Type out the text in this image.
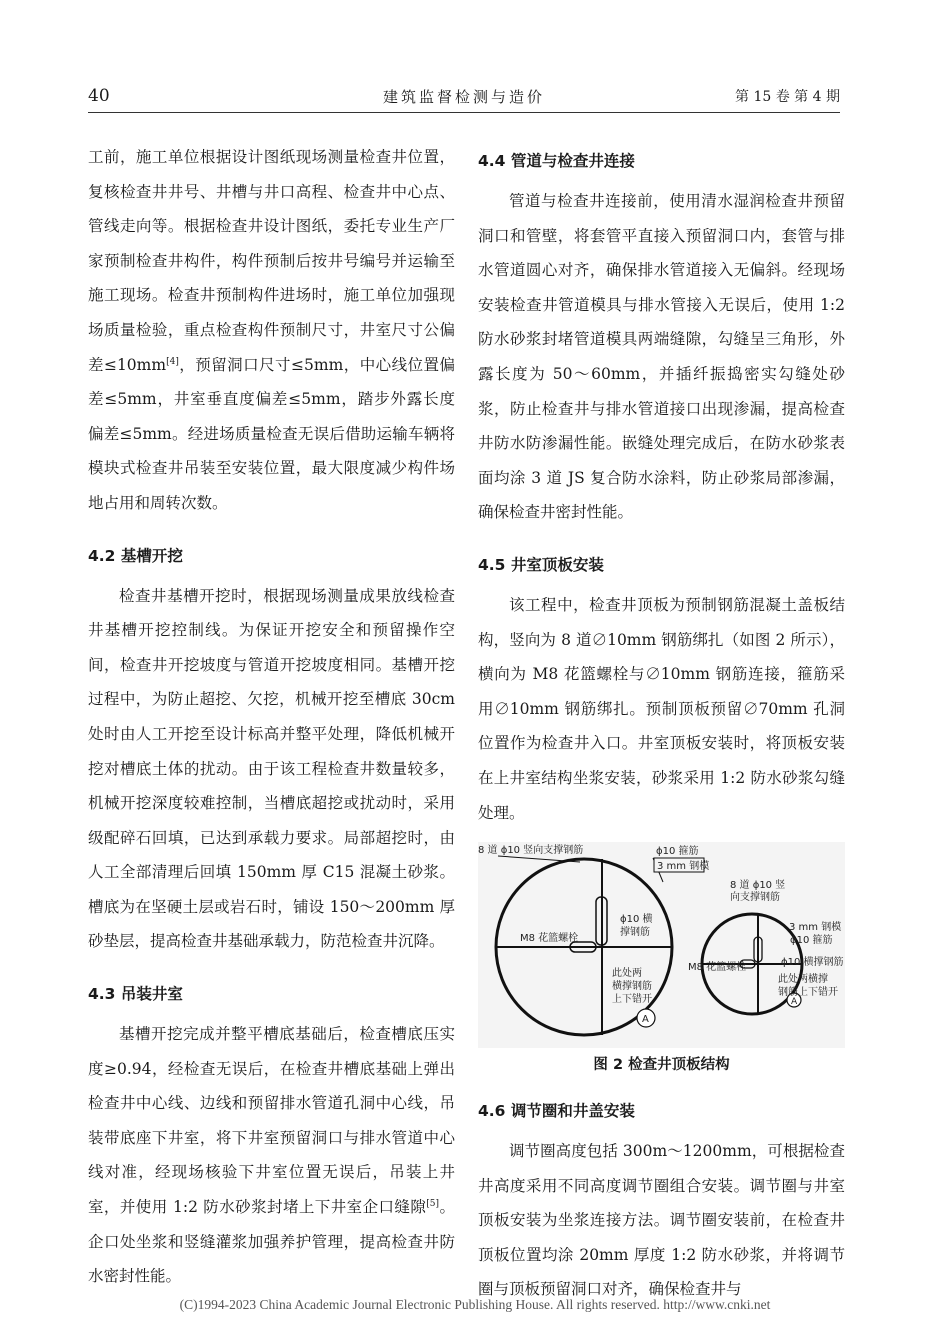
40	建筑监督检测与造价	第 15 卷 第 4 期

工前，施工单位根据设计图纸现场测量检查井位置，复核检查井井号、井槽与井口高程、检查井中心点、管线走向等。根据检查井设计图纸，委托专业生产厂家预制检查井构件，构件预制后按井号编号并运输至施工现场。检查井预制构件进场时，施工单位加强现场质量检验，重点检查构件预制尺寸，井室尺寸公偏差≤10mm[4]，预留洞口尺寸≤5mm，中心线位置偏差≤5mm，井室垂直度偏差≤5mm，踏步外露长度偏差≤5mm。经进场质量检查无误后借助运输车辆将模块式检查井吊装至安装位置，最大限度减少构件场地占用和周转次数。

4.2 基槽开挖

检查井基槽开挖时，根据现场测量成果放线检查井基槽开挖控制线。为保证开挖安全和预留操作空间，检查井开挖坡度与管道开挖坡度相同。基槽开挖过程中，为防止超挖、欠挖，机械开挖至槽底 30cm 处时由人工开挖至设计标高并整平处理，降低机械开挖对槽底土体的扰动。由于该工程检查井数量较多，机械开挖深度较难控制，当槽底超挖或扰动时，采用级配碎石回填，已达到承载力要求。局部超挖时，由人工全部清理后回填 150mm 厚 C15 混凝土砂浆。槽底为在坚硬土层或岩石时，铺设 150～200mm 厚砂垫层，提高检查井基础承载力，防范检查井沉降。

4.3 吊装井室

基槽开挖完成并整平槽底基础后，检查槽底压实度≥0.94，经检查无误后，在检查井槽底基础上弹出检查井中心线、边线和预留排水管道孔洞中心线，吊装带底座下井室，将下井室预留洞口与排水管道中心线对准，经现场核验下井室位置无误后，吊装上井室，并使用 1:2 防水砂浆封堵上下井室企口缝隙[5]。企口处坐浆和竖缝灌浆加强养护管理，提高检查井防水密封性能。

4.4 管道与检查井连接

管道与检查井连接前，使用清水湿润检查井预留洞口和管壁，将套管平直接入预留洞口内，套管与排水管道圆心对齐，确保排水管道接入无偏斜。经现场安装检查井管道模具与排水管接入无误后，使用 1:2 防水砂浆封堵管道模具两端缝隙，勾缝呈三角形，外露长度为 50～60mm，并插纤振捣密实勾缝处砂浆，防止检查井与排水管道接口出现渗漏，提高检查井防水防渗漏性能。嵌缝处理完成后，在防水砂浆表面均涂 3 道 JS 复合防水涂料，防止砂浆局部渗漏，确保检查井密封性能。

4.5 井室顶板安装

该工程中，检查井顶板为预制钢筋混凝土盖板结构，竖向为 8 道∅10mm 钢筋绑扎（如图 2 所示），横向为 M8 花篮螺栓与∅10mm 钢筋连接，箍筋采用∅10mm 钢筋绑扎。预制顶板预留∅70mm 孔洞位置作为检查井入口。井室顶板安装时，将顶板安装在上井室结构坐浆安装，砂浆采用 1:2 防水砂浆勾缝处理。

8 道 ϕ10 竖向支撑钢筋	ϕ10 箍筋
3 mm 钢模
ϕ10 横
撑钢筋
M8 花篮螺栓
此处两
横撑钢筋
上下错开
A
8 道 ϕ10 竖
向支撑钢筋
3 mm 钢模
ϕ10 箍筋
ϕ10 横撑钢筋
M8 花篮螺栓
此处两横撑
钢筋上下错开
A
图 2 检查井顶板结构
4.6 调节圈和井盖安装

调节圈高度包括 300m～1200mm，可根据检查井高度采用不同高度调节圈组合安装。调节圈与井室顶板安装为坐浆连接方法。调节圈安装前，在检查井顶板位置均涂 20mm 厚度 1:2 防水砂浆，并将调节圈与顶板预留洞口对齐，确保检查井与

(C)1994-2023 China Academic Journal Electronic Publishing House. All rights reserved. http://www.cnki.net
